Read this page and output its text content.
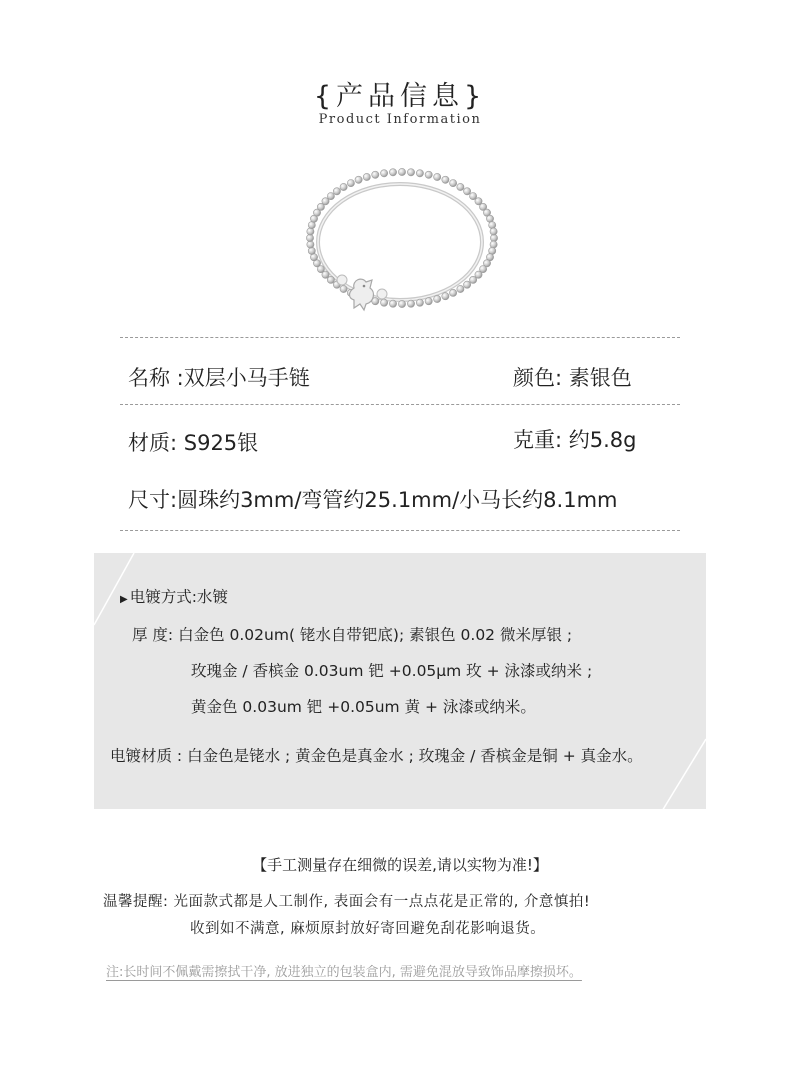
{产品信息}
Product Information
名称 :双层小马手链	颜色: 素银色
材质: S925银	克重: 约5.8g
尺寸:圆珠约3mm/弯管约25.1mm/小马长约8.1mm
▶ 电镀方式:水镀
厚 度: 白金色 0.02um( 铑水自带钯底); 素银色 0.02 微米厚银 ;
玫瑰金 / 香槟金 0.03um 钯 +0.05μm 玫 + 泳漆或纳米 ;
黄金色 0.03um 钯 +0.05um 黄 + 泳漆或纳米。
电镀材质 : 白金色是铑水 ; 黄金色是真金水 ; 玫瑰金 / 香槟金是铜 + 真金水。
【手工测量存在细微的误差,请以实物为准!】
温馨提醒: 光面款式都是人工制作, 表面会有一点点花是正常的, 介意慎拍!
收到如不满意, 麻烦原封放好寄回避免刮花影响退货。
注:长时间不佩戴需擦拭干净, 放进独立的包装盒内, 需避免混放导致饰品摩擦损坏。
